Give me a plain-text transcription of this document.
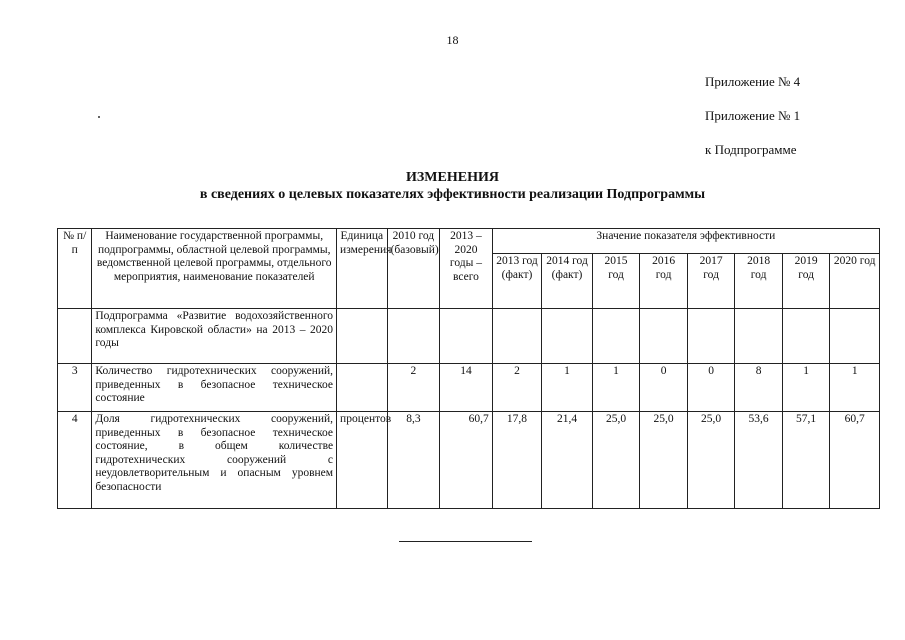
18
Приложение № 4
Приложение № 1
к Подпрограмме
ИЗМЕНЕНИЯ
в сведениях о целевых показателях эффективности реализации Подпрограммы
№ п/п	Наименование государственной программы, подпрограммы, областной целевой программы, ведомственной целевой программы, отдельного мероприятия, наименование показателей	Единица измерения	2010 год (базовый)	2013 – 2020 годы – всего	Значение показателя эффективности							
					2013 год (факт)	2014 год (факт)	2015 год	2016 год	2017 год	2018 год	2019 год	2020 год
	Подпрограмма «Развитие водохозяйственного комплекса Кировской области» на 2013 – 2020 годы											
3	Количество гидротехнических сооружений, приведенных в безопасное техническое состояние		2	14	2	1	1	0	0	8	1	1
4	Доля гидротехнических сооружений, приведенных в безопасное техническое состояние, в общем количестве гидротехнических сооружений с неудовлетворительным и опасным уровнем безопасности	процентов	8,3	60,7	17,8	21,4	25,0	25,0	25,0	53,6	57,1	60,7
